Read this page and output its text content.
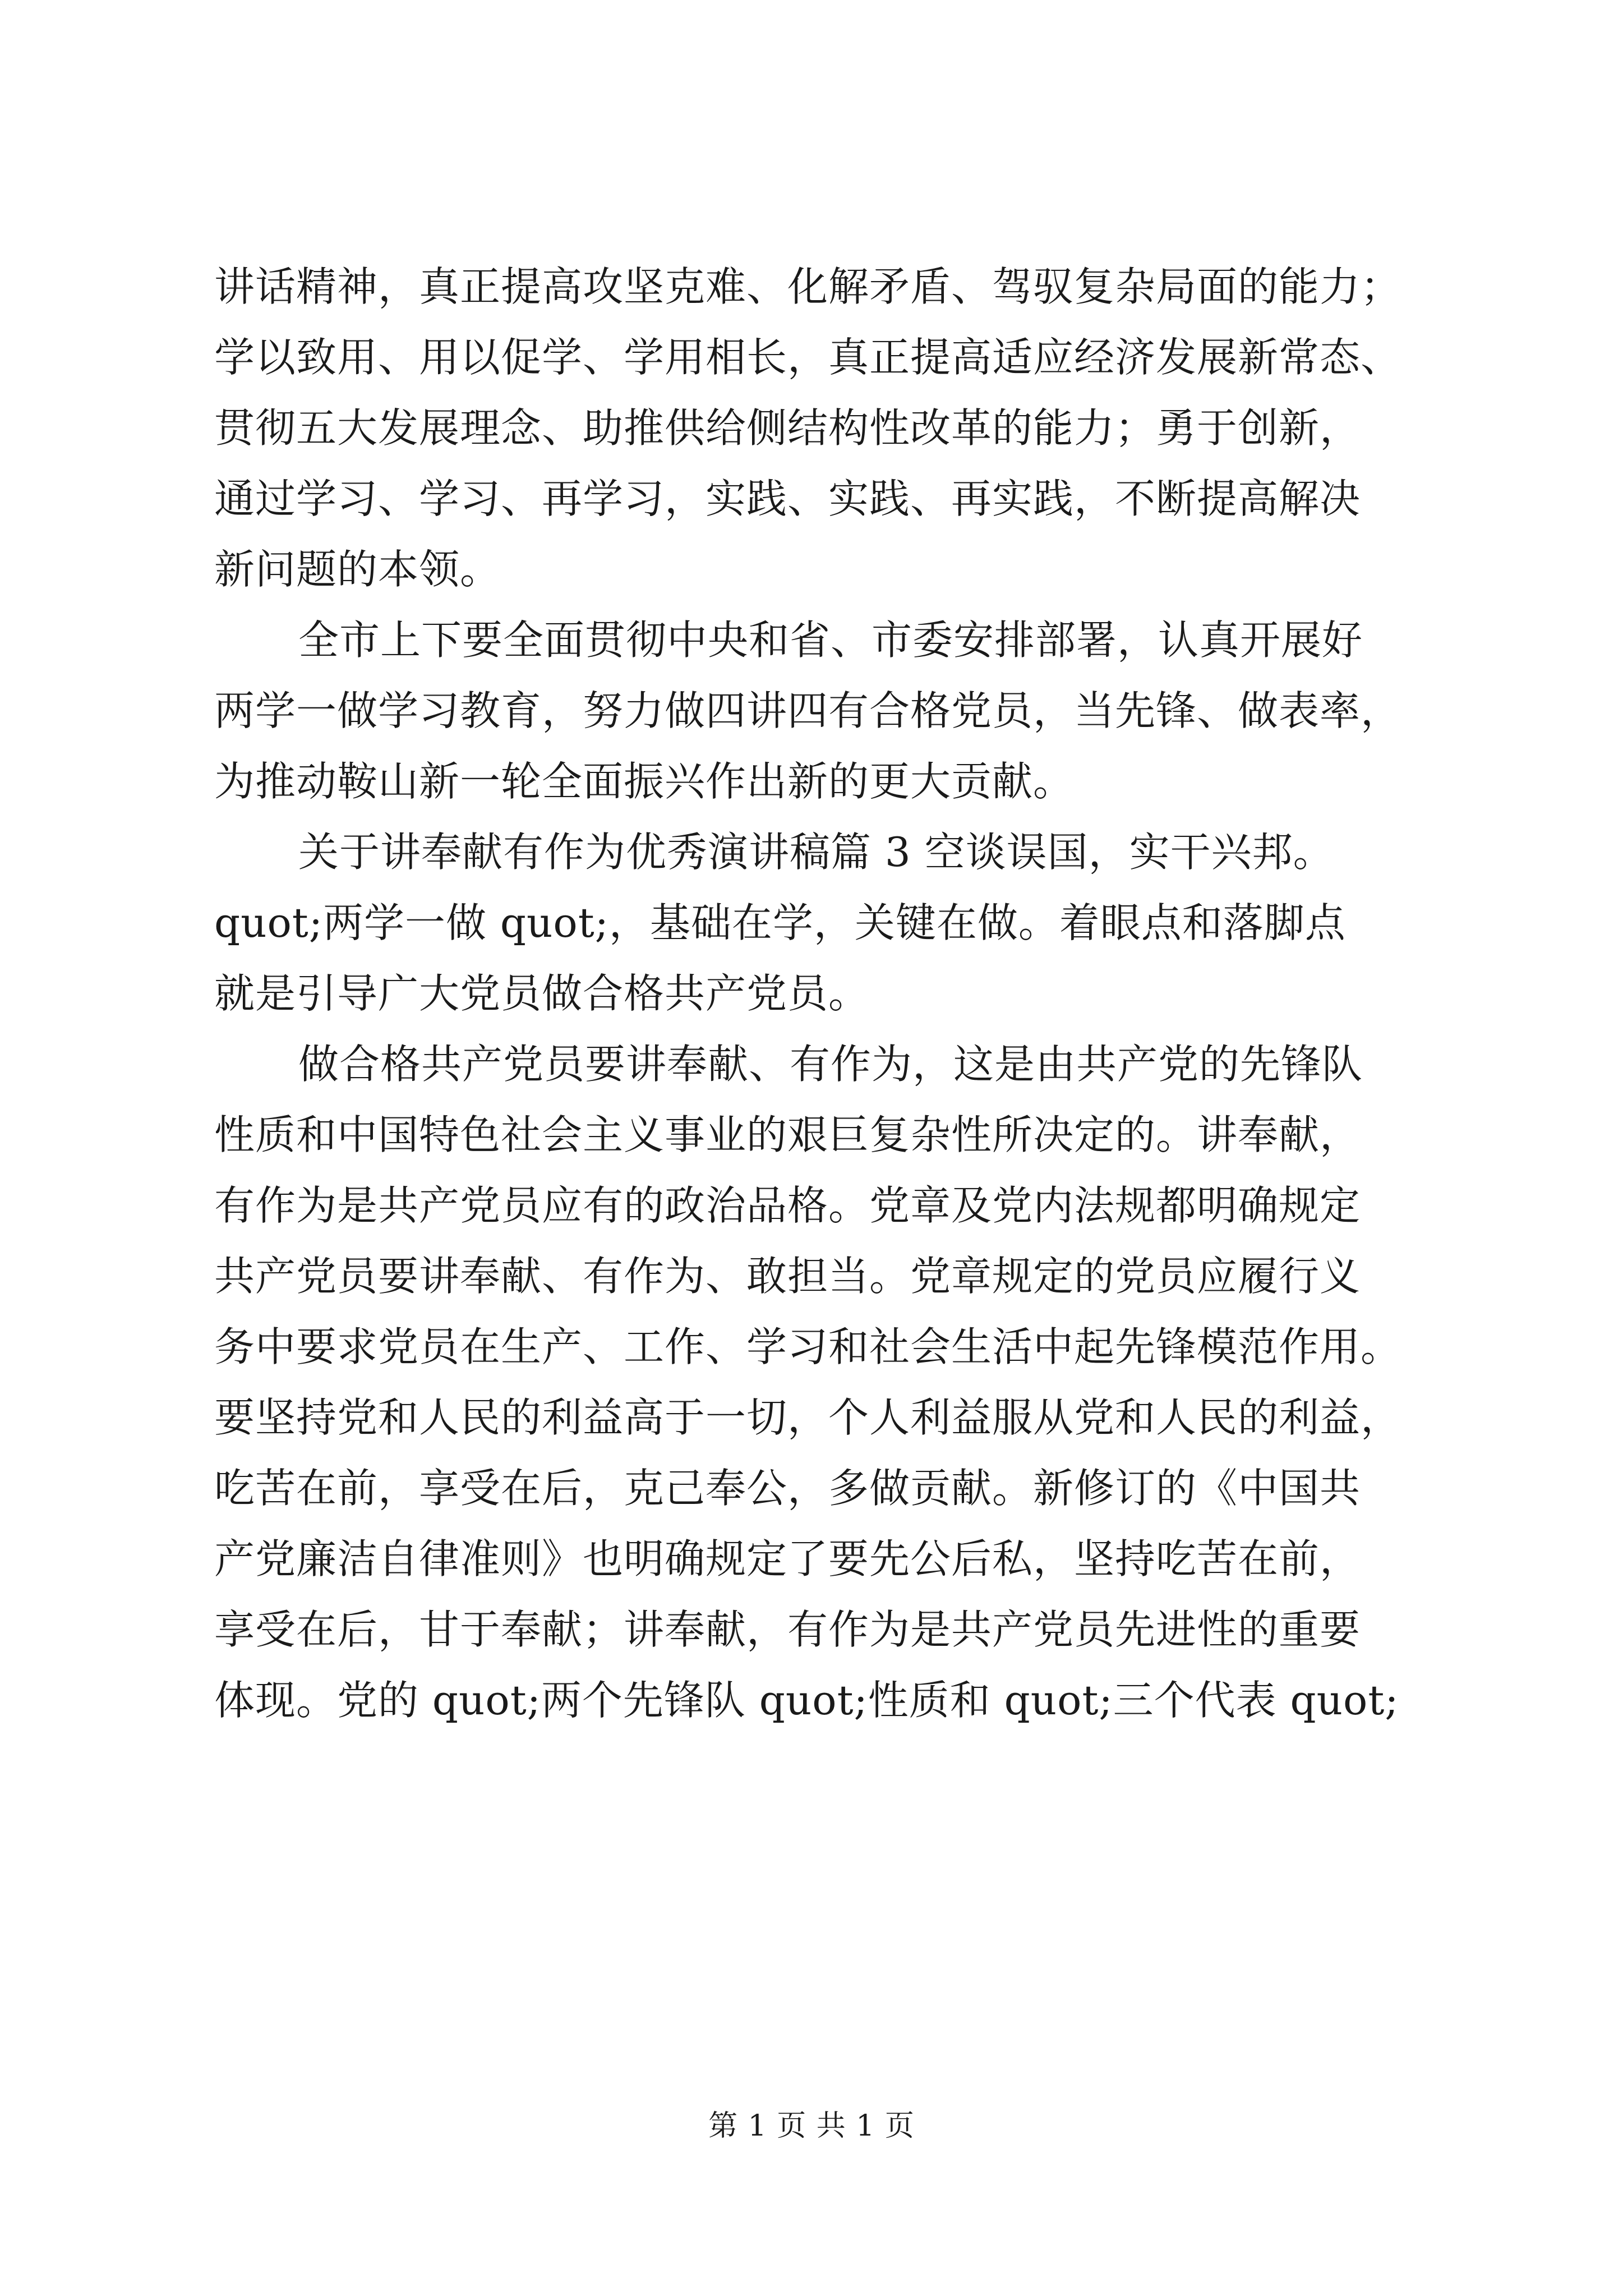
讲话精神，真正提高攻坚克难、化解矛盾、驾驭复杂局面的能力；
学以致用、用以促学、学用相长，真正提高适应经济发展新常态、
贯彻五大发展理念、助推供给侧结构性改革的能力；勇于创新，
通过学习、学习、再学习，实践、实践、再实践，不断提高解决
新问题的本领。
全市上下要全面贯彻中央和省、市委安排部署，认真开展好
两学一做学习教育，努力做四讲四有合格党员，当先锋、做表率，
为推动鞍山新一轮全面振兴作出新的更大贡献。
关于讲奉献有作为优秀演讲稿篇 3 空谈误国，实干兴邦。
quot;两学一做 quot;，基础在学，关键在做。着眼点和落脚点
就是引导广大党员做合格共产党员。
做合格共产党员要讲奉献、有作为，这是由共产党的先锋队
性质和中国特色社会主义事业的艰巨复杂性所决定的。讲奉献，
有作为是共产党员应有的政治品格。党章及党内法规都明确规定
共产党员要讲奉献、有作为、敢担当。党章规定的党员应履行义
务中要求党员在生产、工作、学习和社会生活中起先锋模范作用。
要坚持党和人民的利益高于一切，个人利益服从党和人民的利益，
吃苦在前，享受在后，克己奉公，多做贡献。新修订的《中国共
产党廉洁自律准则》也明确规定了要先公后私，坚持吃苦在前，
享受在后，甘于奉献；讲奉献，有作为是共产党员先进性的重要
体现。党的 quot;两个先锋队 quot;性质和 quot;三个代表 quot;
第 1 页 共 1 页
